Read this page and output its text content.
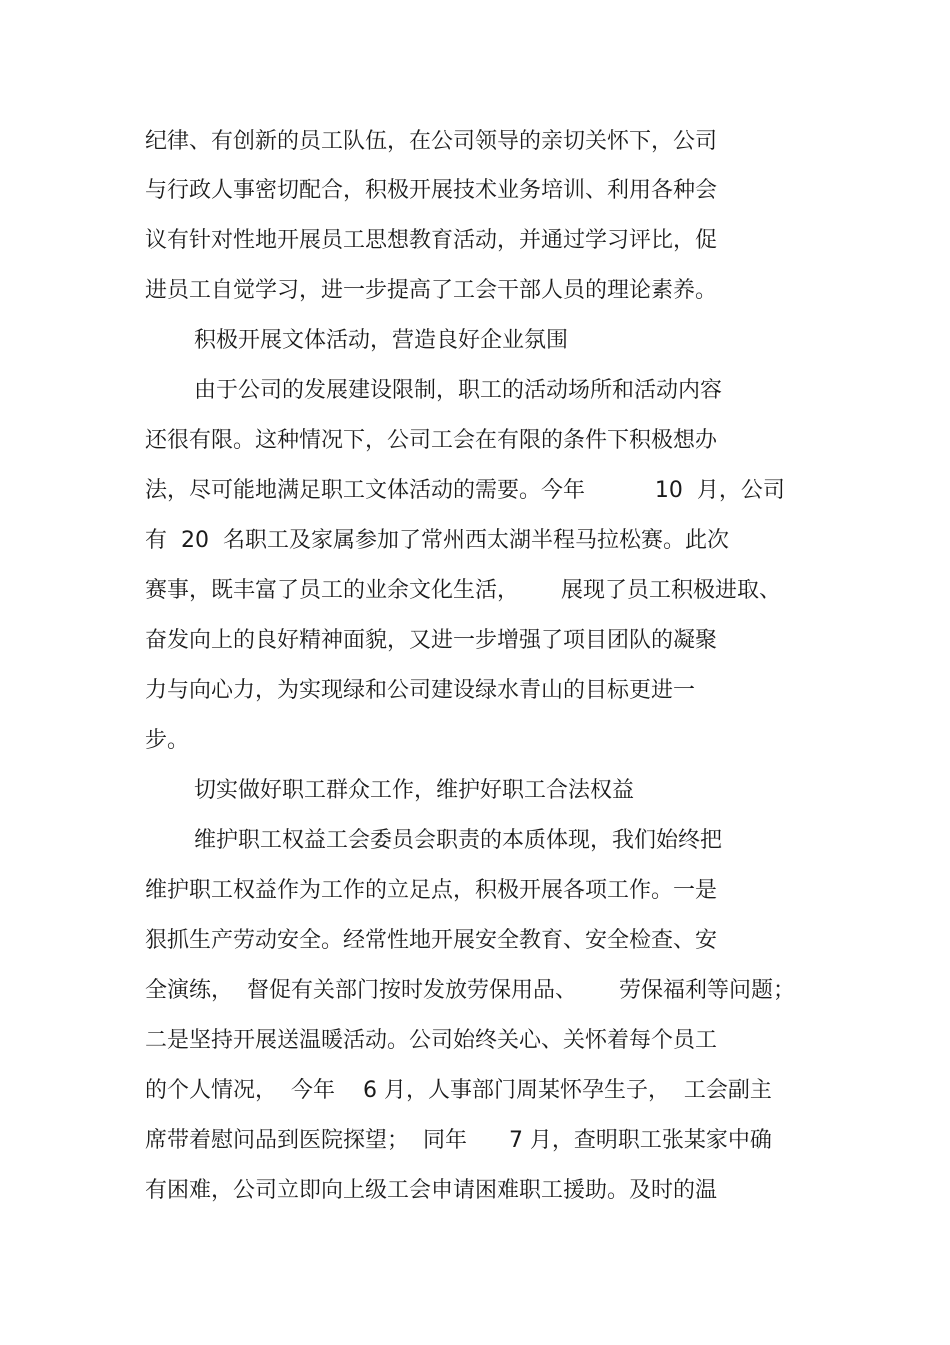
纪律、有创新的员工队伍，在公司领导的亲切关怀下，公司

与行政人事密切配合，积极开展技术业务培训、利用各种会

议有针对性地开展员工思想教育活动，并通过学习评比，促

进员工自觉学习，进一步提高了工会干部人员的理论素养。

积极开展文体活动，营造良好企业氛围

由于公司的发展建设限制，职工的活动场所和活动内容

还很有限。这种情况下，公司工会在有限的条件下积极想办

法，尽可能地满足职工文体活动的需要。今年          10  月，公司

有  20  名职工及家属参加了常州西太湖半程马拉松赛。此次

赛事，既丰富了员工的业余文化生活，      展现了员工积极进取、

奋发向上的良好精神面貌，又进一步增强了项目团队的凝聚

力与向心力，为实现绿和公司建设绿水青山的目标更进一

步。

切实做好职工群众工作，维护好职工合法权益

维护职工权益工会委员会职责的本质体现，我们始终把

维护职工权益作为工作的立足点，积极开展各项工作。一是

狠抓生产劳动安全。经常性地开展安全教育、安全检查、安

全演练，  督促有关部门按时发放劳保用品、      劳保福利等问题；

二是坚持开展送温暖活动。公司始终关心、关怀着每个员工

的个人情况，  今年    6 月，人事部门周某怀孕生子，  工会副主

席带着慰问品到医院探望；  同年      7 月，查明职工张某家中确

有困难，公司立即向上级工会申请困难职工援助。及时的温
